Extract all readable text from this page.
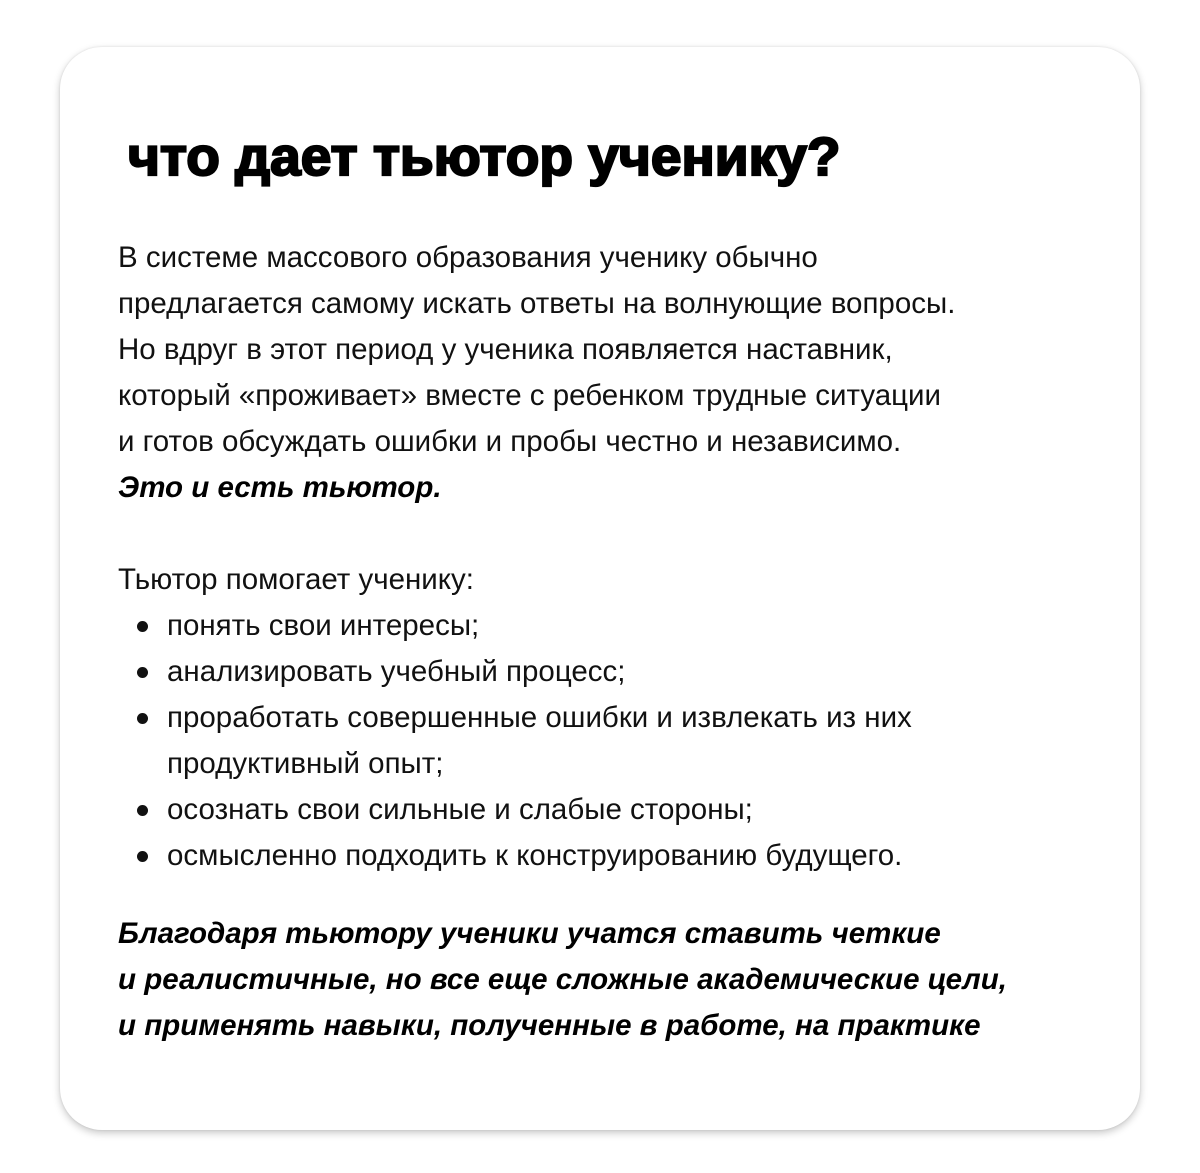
что дает тьютор ученику?
В системе массового образования ученику обычно
предлагается самому искать ответы на волнующие вопросы.
Но вдруг в этот период у ученика появляется наставник,
который «проживает» вместе с ребенком трудные ситуации
и готов обсуждать ошибки и пробы честно и независимо.
Это и есть тьютор.
Тьютор помогает ученику:
понять свои интересы;
анализировать учебный процесс;
проработать совершенные ошибки и извлекать из них
продуктивный опыт;
осознать свои сильные и слабые стороны;
осмысленно подходить к конструированию будущего.
Благодаря тьютору ученики учатся ставить четкие
и реалистичные, но все еще сложные академические цели,
и применять навыки, полученные в работе, на практике
